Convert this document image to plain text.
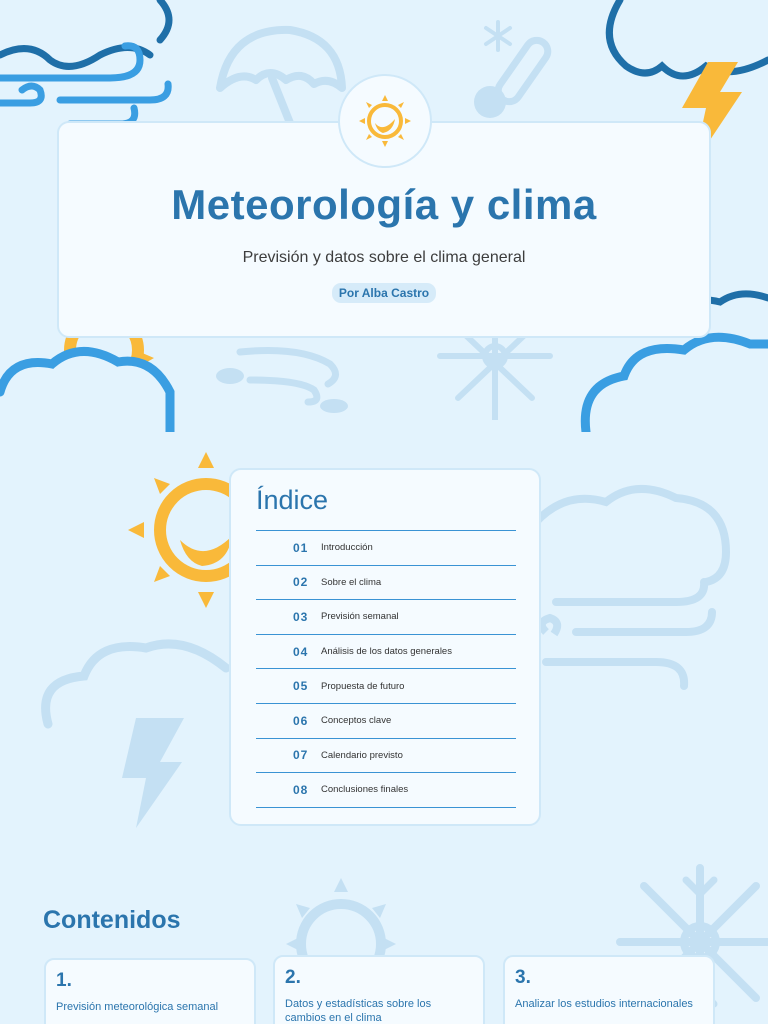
Meteorología y clima
Previsión y datos sobre el clima general
Por Alba Castro
Índice
01	Introducción
02	Sobre el clima
03	Previsión semanal
04	Análisis de los datos generales
05	Propuesta de futuro
06	Conceptos clave
07	Calendario previsto
08	Conclusiones finales
Contenidos
1.
Previsión meteorológica semanal
2.
Datos y estadísticas sobre los cambios en el clima
3.
Analizar los estudios internacionales
